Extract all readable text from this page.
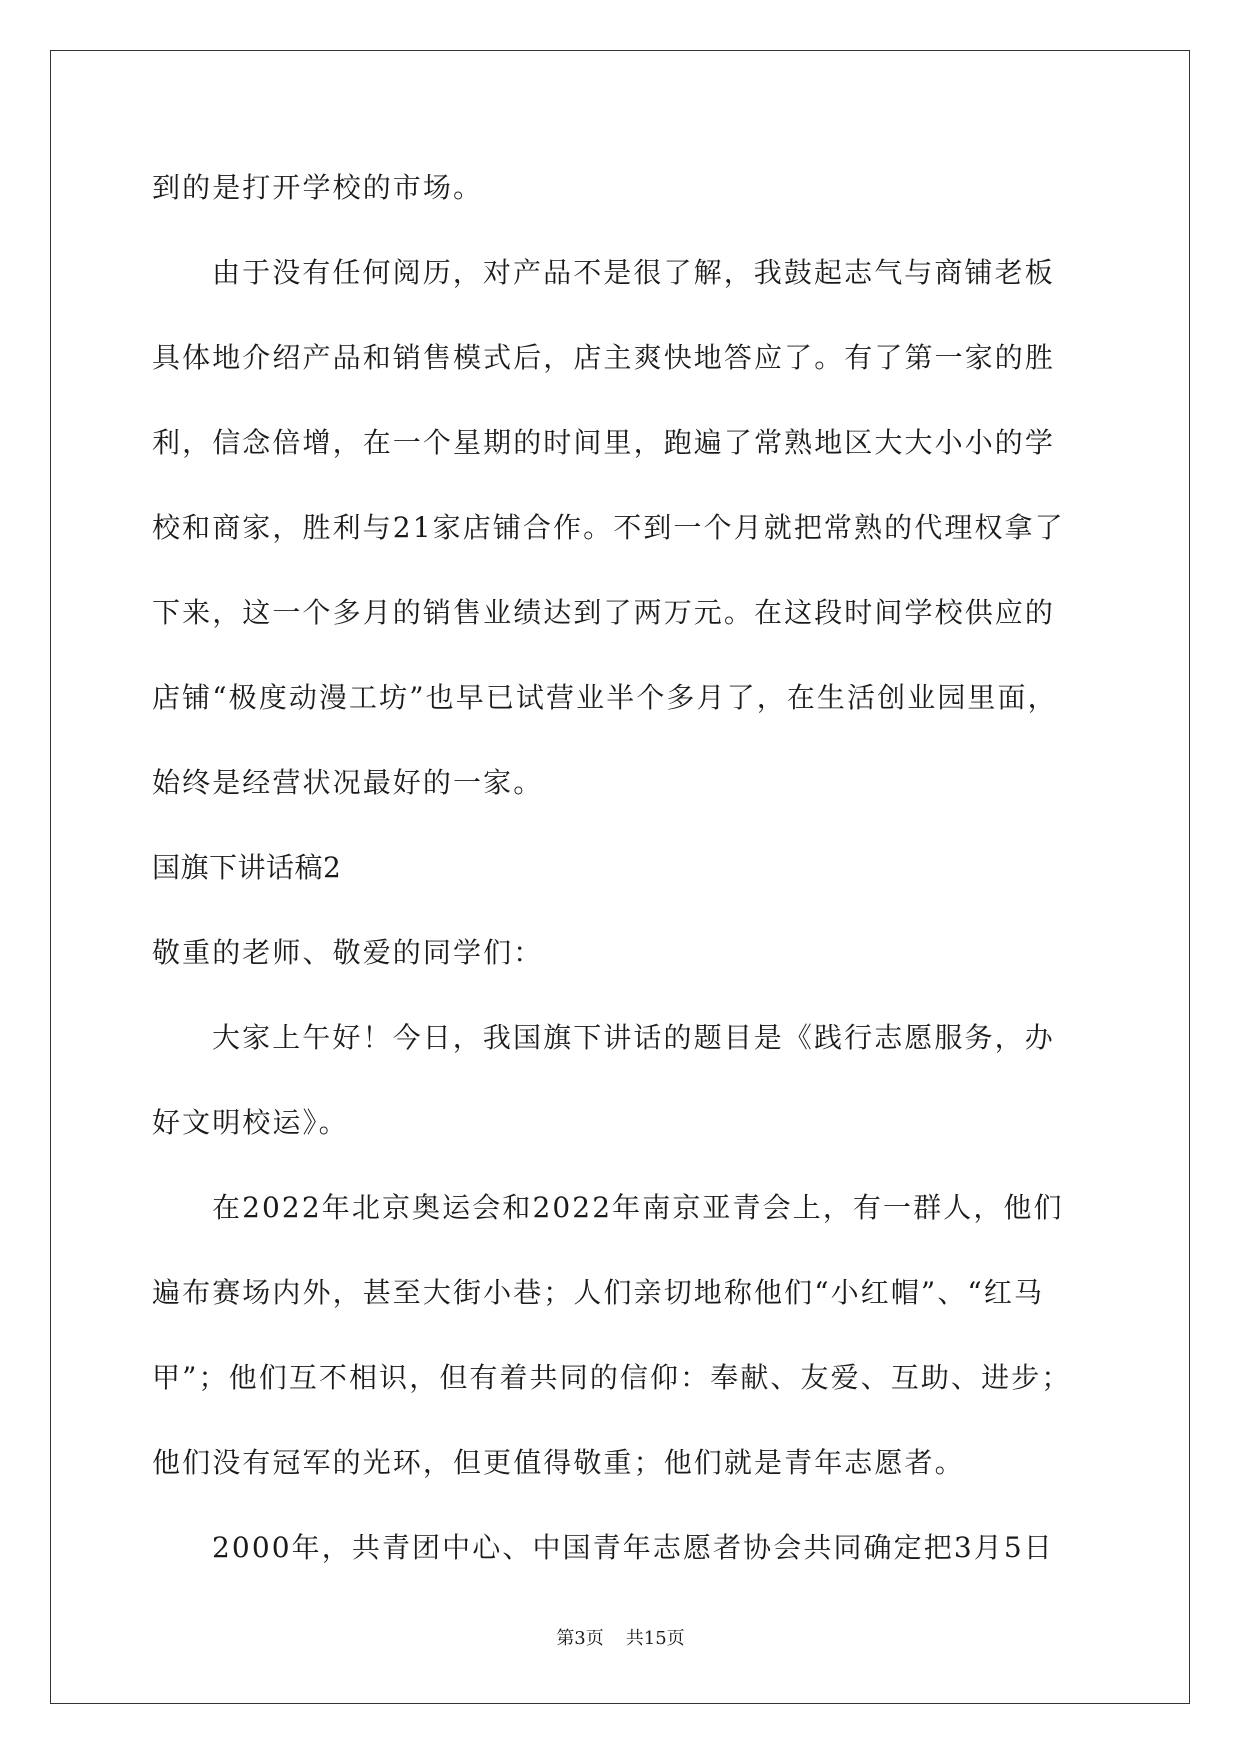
到的是打开学校的市场。
由于没有任何阅历，对产品不是很了解，我鼓起志气与商铺老板
具体地介绍产品和销售模式后，店主爽快地答应了。有了第一家的胜
利，信念倍增，在一个星期的时间里，跑遍了常熟地区大大小小的学
校和商家，胜利与21家店铺合作。不到一个月就把常熟的代理权拿了
下来，这一个多月的销售业绩达到了两万元。在这段时间学校供应的
店铺“极度动漫工坊”也早已试营业半个多月了，在生活创业园里面，
始终是经营状况最好的一家。
国旗下讲话稿2
敬重的老师、敬爱的同学们：
大家上午好！今日，我国旗下讲话的题目是《践行志愿服务，办
好文明校运》。
在2022年北京奥运会和2022年南京亚青会上，有一群人，他们
遍布赛场内外，甚至大街小巷；人们亲切地称他们“小红帽”、“红马
甲”；他们互不相识，但有着共同的信仰：奉献、友爱、互助、进步；
他们没有冠军的光环，但更值得敬重；他们就是青年志愿者。
2000年，共青团中心、中国青年志愿者协会共同确定把3月5日
第3页 共15页
